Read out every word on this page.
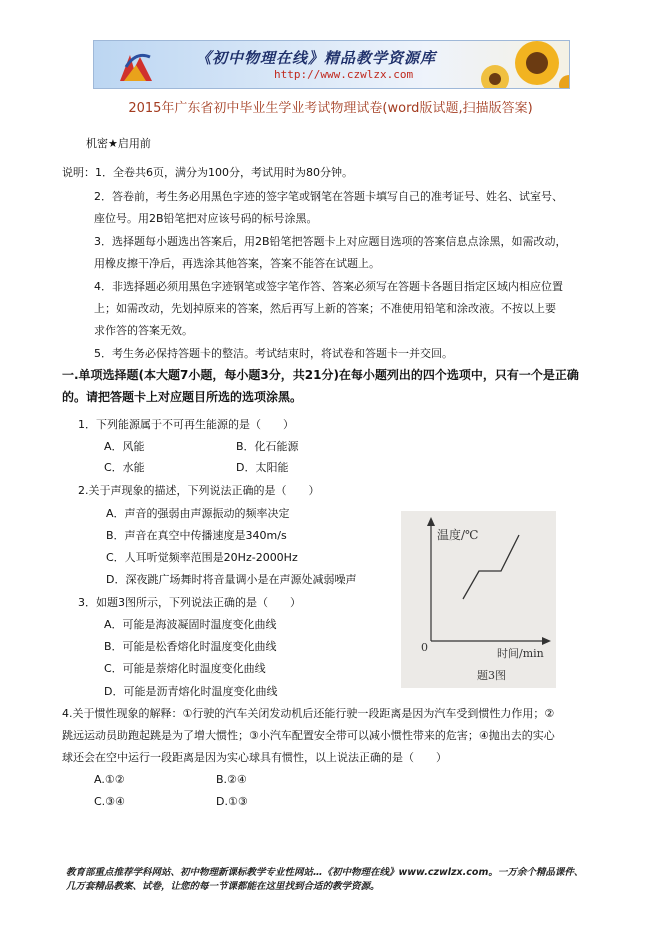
《初中物理在线》精品教学资源库
http://www.czwlzx.com
2015年广东省初中毕业生学业考试物理试卷(word版试题,扫描版答案)
机密★启用前
说明：1．全卷共6页，满分为100分，考试用时为80分钟。
2．答卷前，考生务必用黑色字迹的签字笔或钢笔在答题卡填写自己的准考证号、姓名、试室号、
座位号。用2B铅笔把对应该号码的标号涂黑。
3．选择题每小题选出答案后，用2B铅笔把答题卡上对应题目选项的答案信息点涂黑，如需改动，
用橡皮擦干净后，再选涂其他答案，答案不能答在试题上。
4．非选择题必须用黑色字迹钢笔或签字笔作答、答案必须写在答题卡各题目指定区域内相应位置
上；如需改动，先划掉原来的答案，然后再写上新的答案；不准使用铅笔和涂改液。不按以上要
求作答的答案无效。
5．考生务必保持答题卡的整洁。考试结束时，将试卷和答题卡一并交回。
一.单项选择题(本大题7小题，每小题3分，共21分)在每小题列出的四个选项中，只有一个是正确
的。请把答题卡上对应题目所选的选项涂黑。
1．下列能源属于不可再生能源的是（　　）
A．风能	B．化石能源
C．水能	D．太阳能
2.关于声现象的描述，下列说法正确的是（　　）
A．声音的强弱由声源振动的频率决定
B．声音在真空中传播速度是340m/s
C．人耳听觉频率范围是20Hz-2000Hz
D．深夜跳广场舞时将音量调小是在声源处减弱噪声
3．如题3图所示，下列说法正确的是（　　）
A．可能是海波凝固时温度变化曲线
B．可能是松香熔化时温度变化曲线
C．可能是萘熔化时温度变化曲线
D．可能是沥青熔化时温度变化曲线
温度/℃
时间/min
0
题3图
4.关于惯性现象的解释：①行驶的汽车关闭发动机后还能行驶一段距离是因为汽车受到惯性力作用；②
跳远运动员助跑起跳是为了增大惯性；③小汽车配置安全带可以减小惯性带来的危害；④抛出去的实心
球还会在空中运行一段距离是因为实心球具有惯性，以上说法正确的是（　　）
A.①②	B.②④
C.③④	D.①③
教育部重点推荐学科网站、初中物理新课标教学专业性网站…《初中物理在线》www.czwlzx.com。一万余个精品课件、
几万套精品教案、试卷，让您的每一节课都能在这里找到合适的教学资源。
